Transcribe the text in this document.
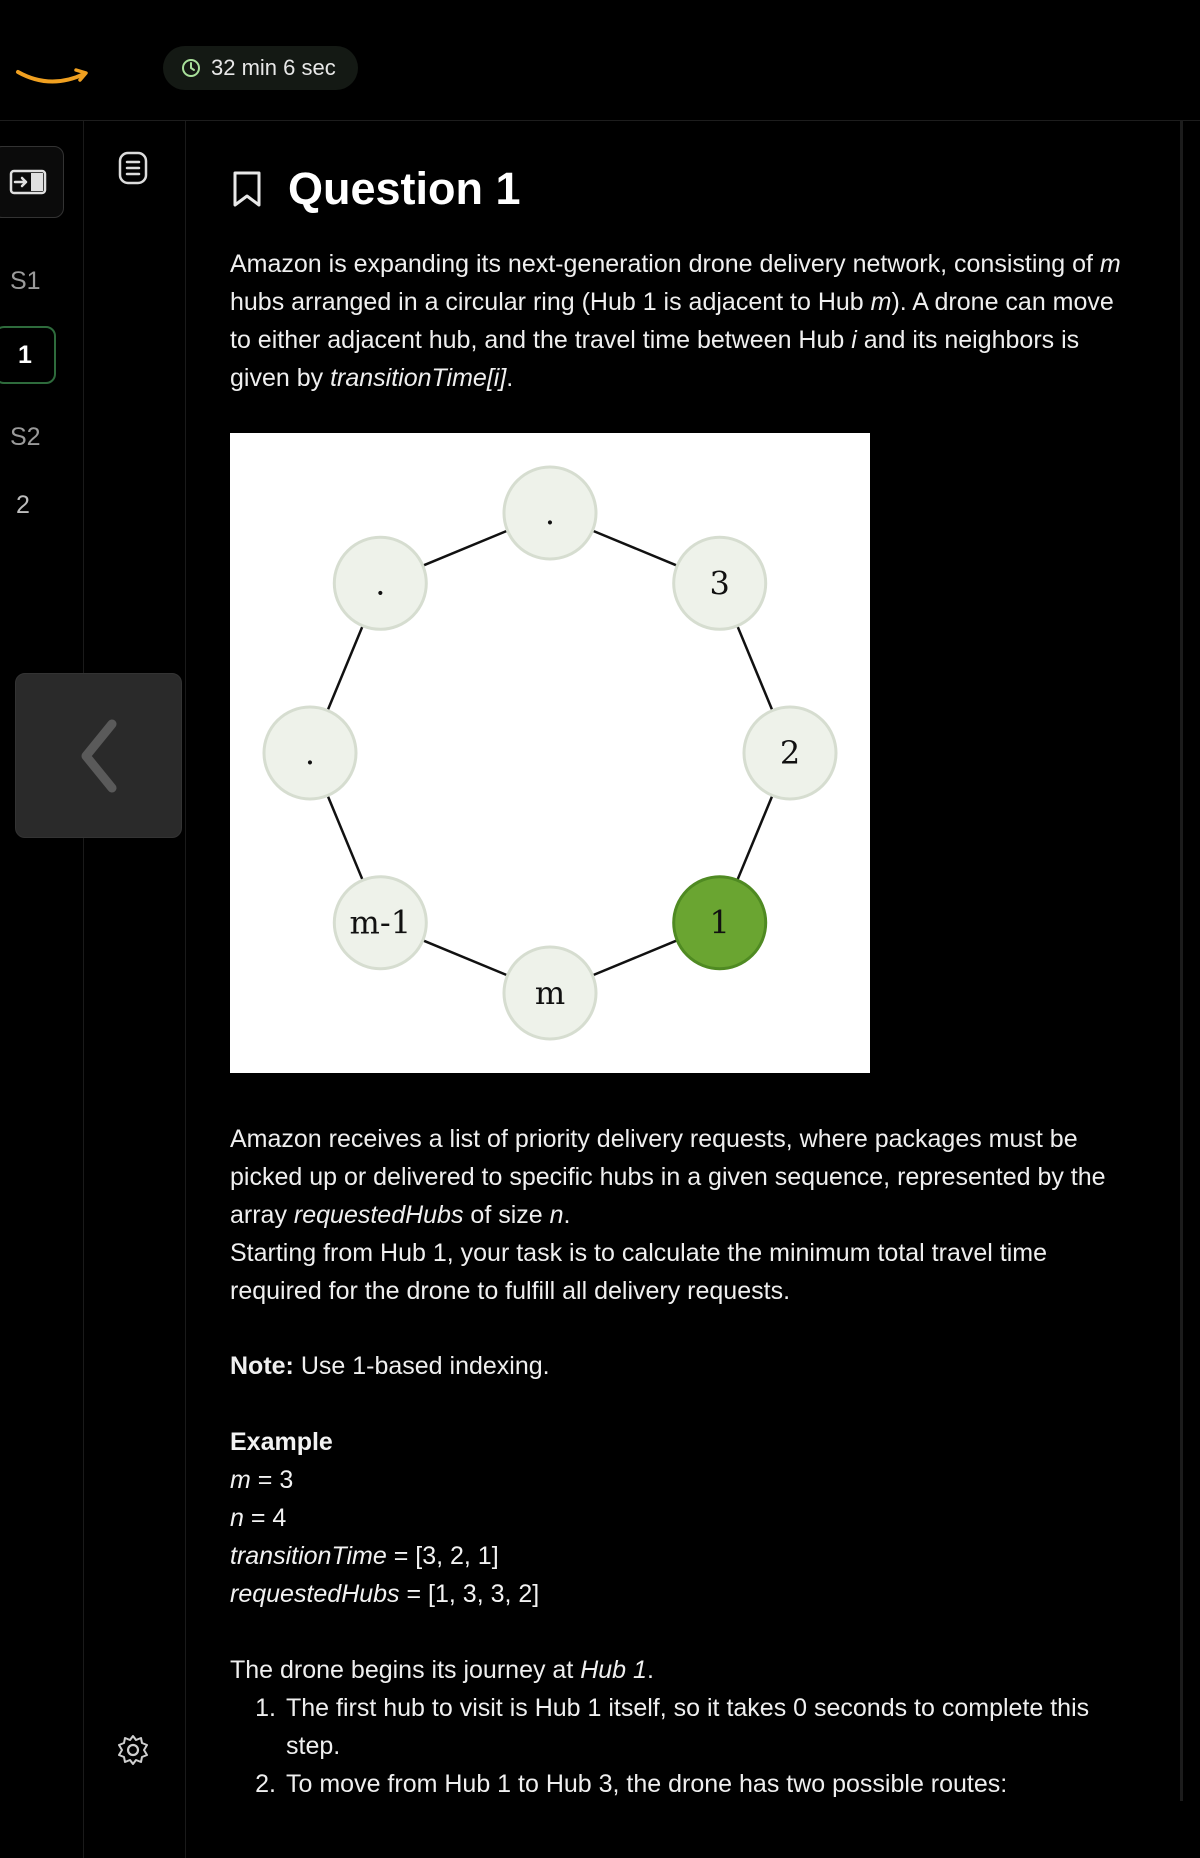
32 min 6 sec
S1
1
S2
2
Question 1
Amazon is expanding its next-generation drone delivery network, consisting of m hubs arranged in a circular ring (Hub 1 is adjacent to Hub m). A drone can move to either adjacent hub, and the travel time between Hub i and its neighbors is given by transitionTime[i].
.
3
2
1
m
m-1
.
.
Amazon receives a list of priority delivery requests, where packages must be picked up or delivered to specific hubs in a given sequence, represented by the array requestedHubs of size n.
Starting from Hub 1, your task is to calculate the minimum total travel time required for the drone to fulfill all delivery requests.
Note: Use 1-based indexing.
Example
m = 3
n = 4
transitionTime = [3, 2, 1]
requestedHubs = [1, 3, 3, 2]
The drone begins its journey at Hub 1.
1. The first hub to visit is Hub 1 itself, so it takes 0 seconds to complete this step.
2. To move from Hub 1 to Hub 3, the drone has two possible routes:
